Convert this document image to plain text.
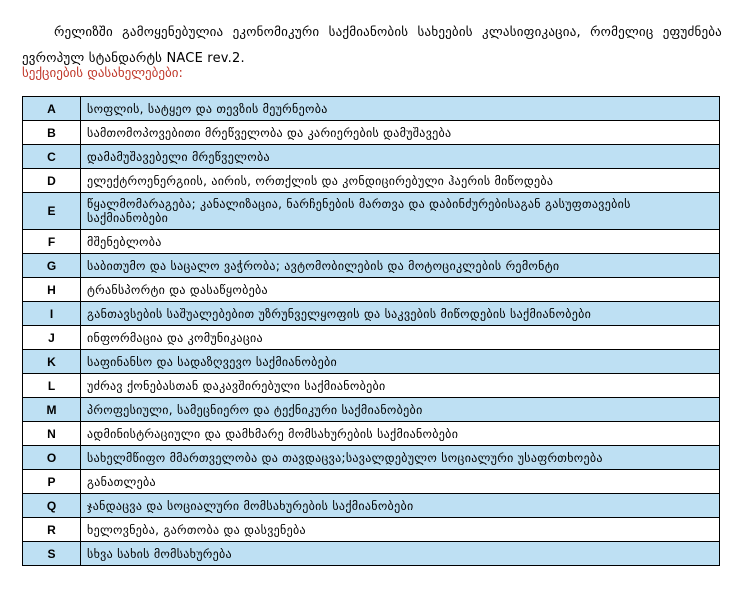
რელიზში გამოყენებულია ეკონომიკური საქმიანობის სახეების კლასიფიკაცია, რომელიც ეფუძნება ევროპულ სტანდარტს NACE rev.2.

სექციების დასახელებები:
A	სოფლის, სატყეო და თევზის მეურნეობა
B	სამთომოპოვებითი მრეწველობა და კარიერების დამუშავება
C	დამამუშავებელი მრეწველობა
D	ელექტროენერგიის, აირის, ორთქლის და კონდიცირებული ჰაერის მიწოდება
E	წყალმომარაგება; კანალიზაცია, ნარჩენების მართვა და დაბინძურებისაგან გასუფთავების საქმიანობები
F	მშენებლობა
G	საბითუმო და საცალო ვაჭრობა; ავტომობილების და მოტოციკლების რემონტი
H	ტრანსპორტი და დასაწყობება
I	განთავსების საშუალებებით უზრუნველყოფის და საკვების მიწოდების საქმიანობები
J	ინფორმაცია და კომუნიკაცია
K	საფინანსო და სადაზღვევო საქმიანობები
L	უძრავ ქონებასთან დაკავშირებული საქმიანობები
M	პროფესიული, სამეცნიერო და ტექნიკური საქმიანობები
N	ადმინისტრაციული და დამხმარე მომსახურების საქმიანობები
O	სახელმწიფო მმართველობა და თავდაცვა;სავალდებულო სოციალური უსაფრთხოება
P	განათლება
Q	ჯანდაცვა და სოციალური მომსახურების საქმიანობები
R	ხელოვნება, გართობა და დასვენება
S	სხვა სახის მომსახურება
